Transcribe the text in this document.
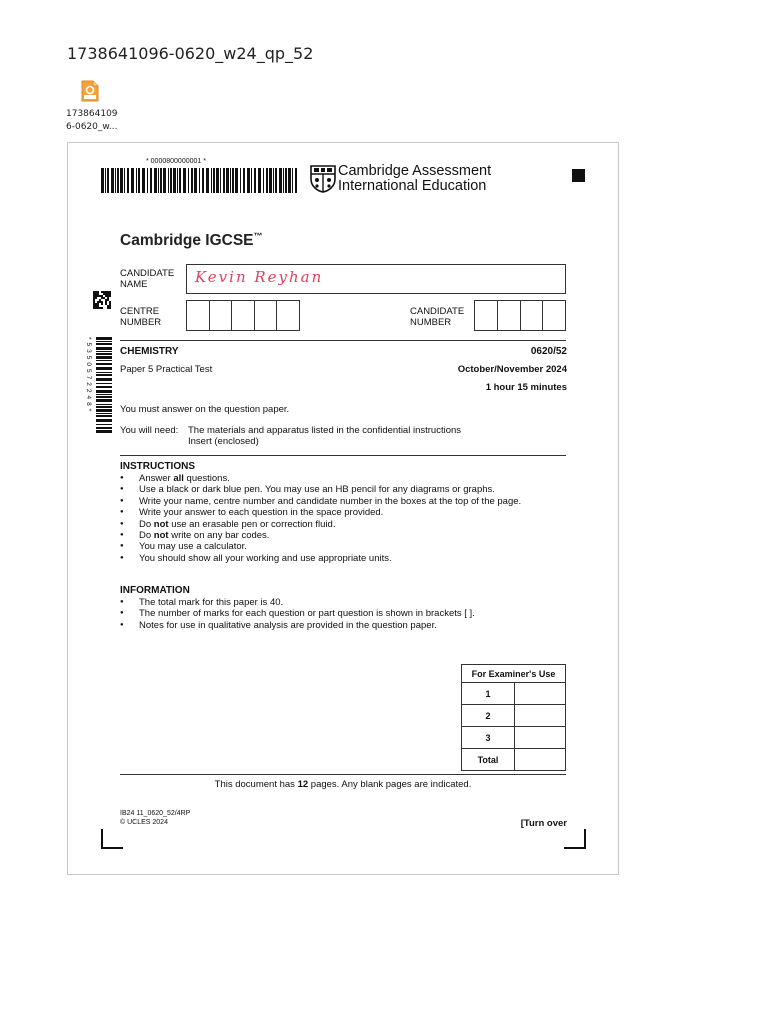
1738641096-0620_w24_qp_52
173864109
6-0620_w...
* 0000800000001 *
Cambridge Assessment
International Education
Cambridge IGCSE™
* 5 3 5 0 5 7 2 2 4 8 *
CANDIDATE
NAME	Kevin Reyhan
CENTRE
NUMBER
CANDIDATE
NUMBER
CHEMISTRY	0620/52
Paper 5 Practical Test	October/November 2024
1 hour 15 minutes
You must answer on the question paper.
You will need: The materials and apparatus listed in the confidential instructions
Insert (enclosed)
INSTRUCTIONS
● Answer all questions.
● Use a black or dark blue pen. You may use an HB pencil for any diagrams or graphs.
● Write your name, centre number and candidate number in the boxes at the top of the page.
● Write your answer to each question in the space provided.
● Do not use an erasable pen or correction fluid.
● Do not write on any bar codes.
● You may use a calculator.
● You should show all your working and use appropriate units.
INFORMATION
● The total mark for this paper is 40.
● The number of marks for each question or part question is shown in brackets [ ].
● Notes for use in qualitative analysis are provided in the question paper.
For Examiner's Use	
1	
2	
3	
Total	
This document has 12 pages. Any blank pages are indicated.
IB24 11_0620_52/4RP
© UCLES 2024	[Turn over
